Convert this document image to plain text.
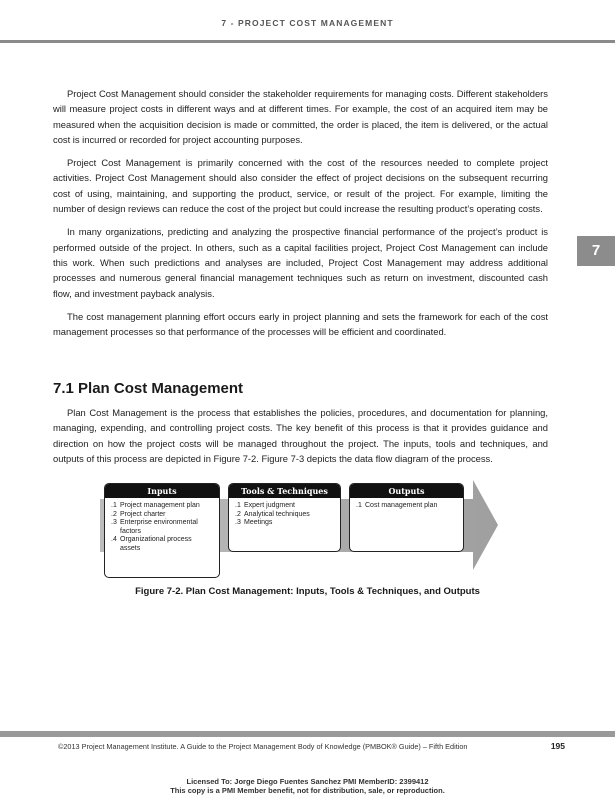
7 - PROJECT COST MANAGEMENT
7

Project Cost Management should consider the stakeholder requirements for managing costs. Different stakeholders will measure project costs in different ways and at different times. For example, the cost of an acquired item may be measured when the acquisition decision is made or committed, the order is placed, the item is delivered, or the actual cost is incurred or recorded for project accounting purposes.

Project Cost Management is primarily concerned with the cost of the resources needed to complete project activities. Project Cost Management should also consider the effect of project decisions on the subsequent recurring cost of using, maintaining, and supporting the product, service, or result of the project. For example, limiting the number of design reviews can reduce the cost of the project but could increase the resulting product’s operating costs.

In many organizations, predicting and analyzing the prospective financial performance of the project’s product is performed outside of the project. In others, such as a capital facilities project, Project Cost Management can include this work. When such predictions and analyses are included, Project Cost Management may address additional processes and numerous general financial management techniques such as return on investment, discounted cash flow, and investment payback analysis.

The cost management planning effort occurs early in project planning and sets the framework for each of the cost management processes so that performance of the processes will be efficient and coordinated.

7.1 Plan Cost Management

Plan Cost Management is the process that establishes the policies, procedures, and documentation for planning, managing, expending, and controlling project costs. The key benefit of this process is that it provides guidance and direction on how the project costs will be managed throughout the project. The inputs, tools and techniques, and outputs of this process are depicted in Figure 7-2. Figure 7-3 depicts the data flow diagram of the process.

Inputs
.1 Project management plan
.2 Project charter
.3 Enterprise environmental factors
.4 Organizational process assets
Tools & Techniques
.1 Expert judgment
.2 Analytical techniques
.3 Meetings
Outputs
.1 Cost management plan
Figure 7-2. Plan Cost Management: Inputs, Tools & Techniques, and Outputs
©2013 Project Management Institute. A Guide to the Project Management Body of Knowledge (PMBOK® Guide) – Fifth Edition	195
Licensed To: Jorge Diego Fuentes Sanchez PMI MemberID: 2399412
This copy is a PMI Member benefit, not for distribution, sale, or reproduction.
